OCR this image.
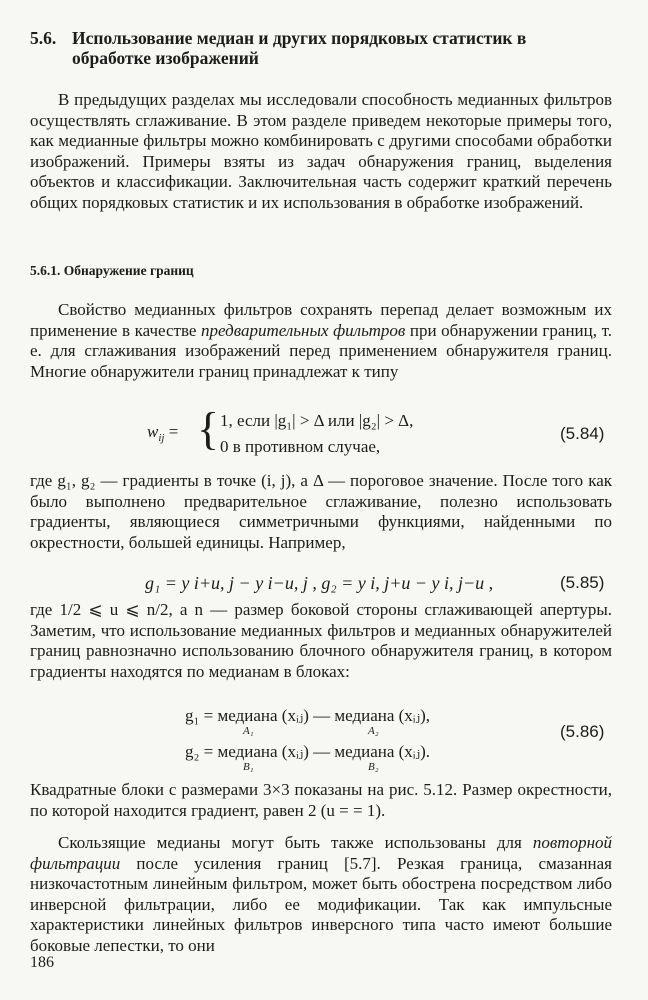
5.6. Использование медиан и других порядковых статистик в
обработке изображений
В предыдущих разделах мы исследовали способность медианных фильтров осуществлять сглаживание. В этом разделе приведем некоторые примеры того, как медианные фильтры можно комбинировать с другими способами обработки изображений. Примеры взяты из задач обнаружения границ, выделения объектов и классификации. Заключительная часть содержит краткий перечень общих порядковых статистик и их использования в обработке изображений.
5.6.1. Обнаружение границ
Свойство медианных фильтров сохранять перепад делает возможным их применение в качестве предварительных фильтров при обнаружении границ, т. е. для сглаживания изображений перед применением обнаружителя границ. Многие обнаружители границ принадлежат к типу
$w_{ij}$ = { 1, если |g₁| > Δ или |g₂| > Δ,
0 в противном случае,
(5.84)
где g₁, g₂ — градиенты в точке (i, j), а Δ — пороговое значение. После того как было выполнено предварительное сглаживание, полезно использовать градиенты, являющиеся симметричными функциями, найденными по окрестности, большей единицы. Например,
g₁ = y i+u, j − y i−u, j , g₂ = y i, j+u − y i, j−u ,	(5.85)
где 1/2 ⩽ u ⩽ n/2, а n — размер боковой стороны сглаживающей апертуры. Заметим, что использование медианных фильтров и медианных обнаружителей границ равнозначно использованию блочного обнаружителя границ, в котором градиенты находятся по медианам в блоках:
g₁ = медиана (xᵢⱼ) — медиана (xᵢⱼ),
A₁	A₂
g₂ = медиана (xᵢⱼ) — медиана (xᵢⱼ).
B₁	B₂
(5.86)
Квадратные блоки с размерами 3×3 показаны на рис. 5.12. Размер окрестности, по которой находится градиент, равен 2 (u = = 1).
Скользящие медианы могут быть также использованы для повторной фильтрации после усиления границ [5.7]. Резкая граница, смазанная низкочастотным линейным фильтром, может быть обострена посредством либо инверсной фильтрации, либо ее модификации. Так как импульсные характеристики линейных фильтров инверсного типа часто имеют большие боковые лепестки, то они
186
